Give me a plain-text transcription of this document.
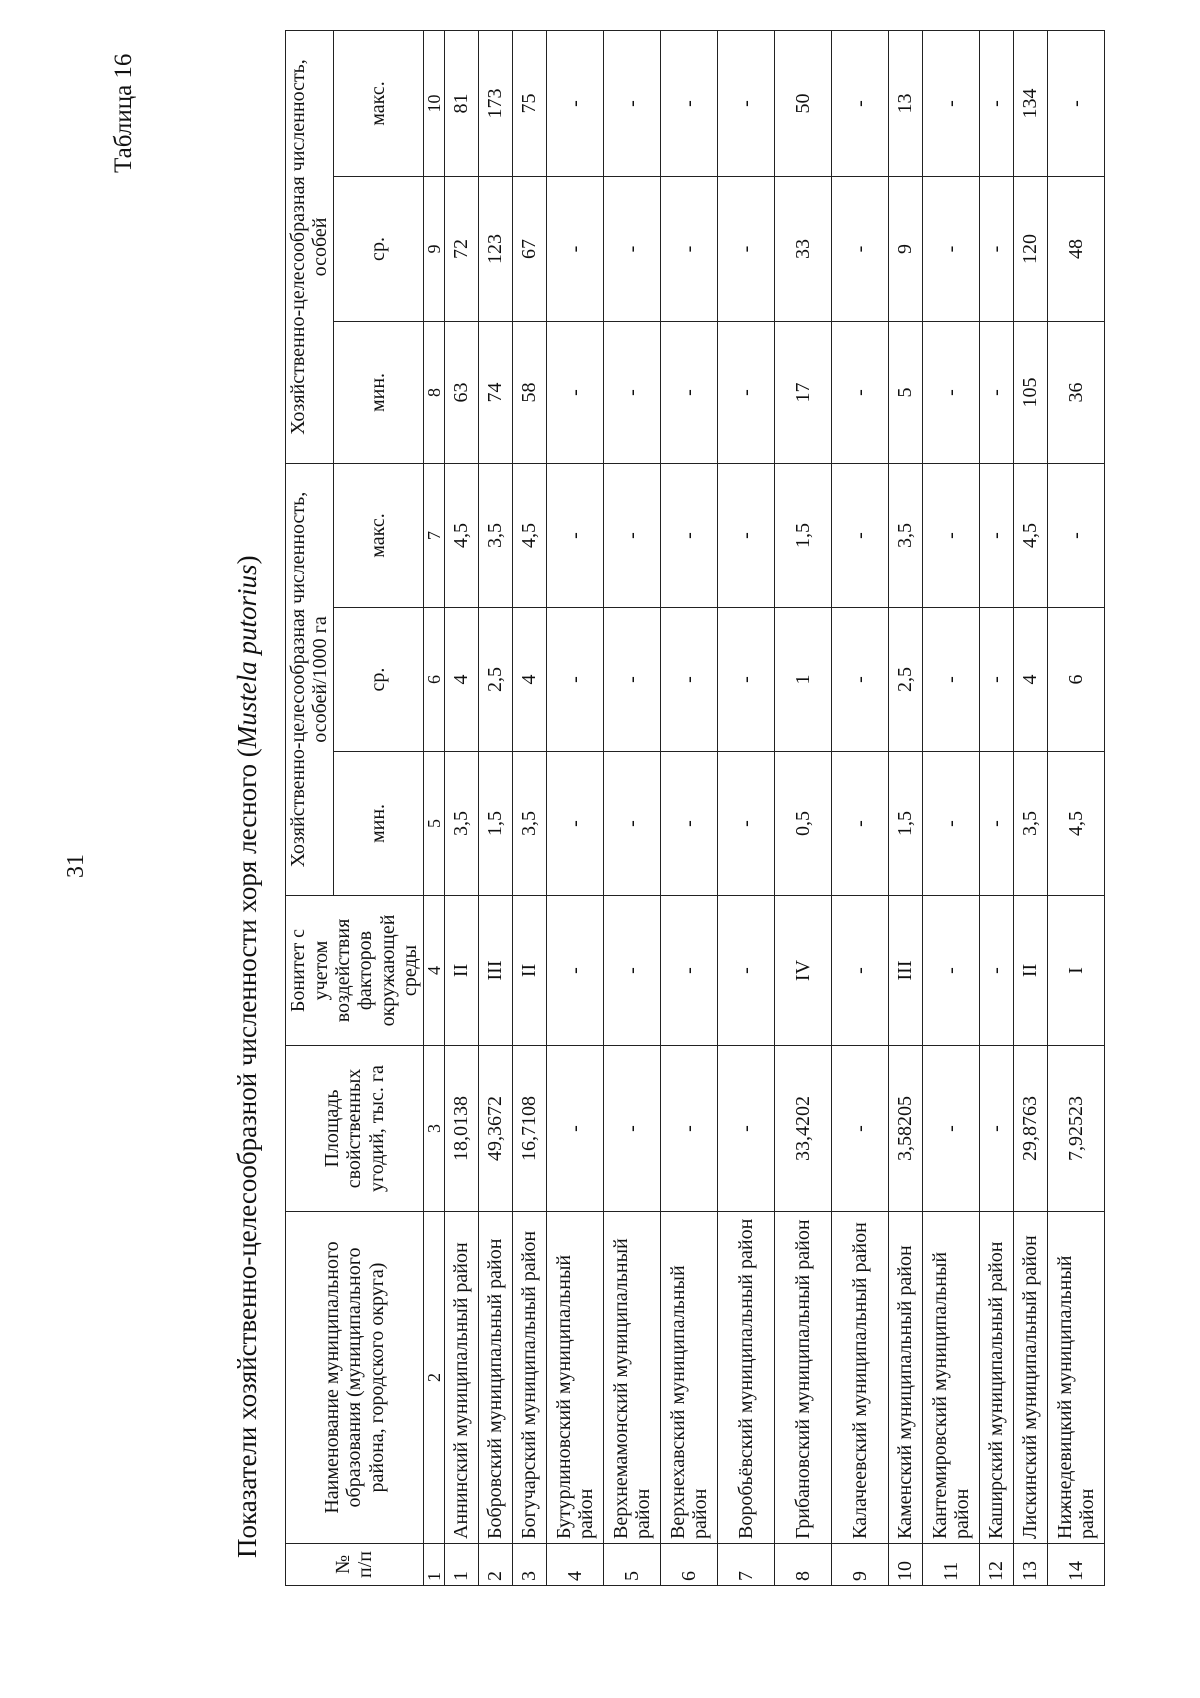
31
Таблица 16
Показатели хозяйственно-целесообразной численности хоря лесного (Mustela putorius)
№ п/п	Наименование муниципального образования (муниципального района, городского округа)	Площадь свойственных угодий, тыс. га	Бонитет с учетом воздействия факторов окружающей среды	Хозяйственно-целесообразная численность, особей/1000 га			Хозяйственно-целесообразная численность, особей		
				мин.	ср.	макс.	мин.	ср.	макс.
1	2	3	4	5	6	7	8	9	10
1	Аннинский муниципальный район	18,0138	II	3,5	4	4,5	63	72	81
2	Бобровский муниципальный район	49,3672	III	1,5	2,5	3,5	74	123	173
3	Богучарский муниципальный район	16,7108	II	3,5	4	4,5	58	67	75
4	Бутурлиновский муниципальный район	-	-	-	-	-	-	-	-
5	Верхнемамонский муниципальный район	-	-	-	-	-	-	-	-
6	Верхнехавский муниципальный район	-	-	-	-	-	-	-	-
7	Воробьёвский муниципальный район	-	-	-	-	-	-	-	-
8	Грибановский муниципальный район	33,4202	IV	0,5	1	1,5	17	33	50
9	Калачеевский муниципальный район	-	-	-	-	-	-	-	-
10	Каменский муниципальный район	3,58205	III	1,5	2,5	3,5	5	9	13
11	Кантемировский муниципальный район	-	-	-	-	-	-	-	-
12	Каширский муниципальный район	-	-	-	-	-	-	-	-
13	Лискинский муниципальный район	29,8763	II	3,5	4	4,5	105	120	134
14	Нижнедевицкий муниципальный район	7,92523	I	4,5	6	-	36	48	-
